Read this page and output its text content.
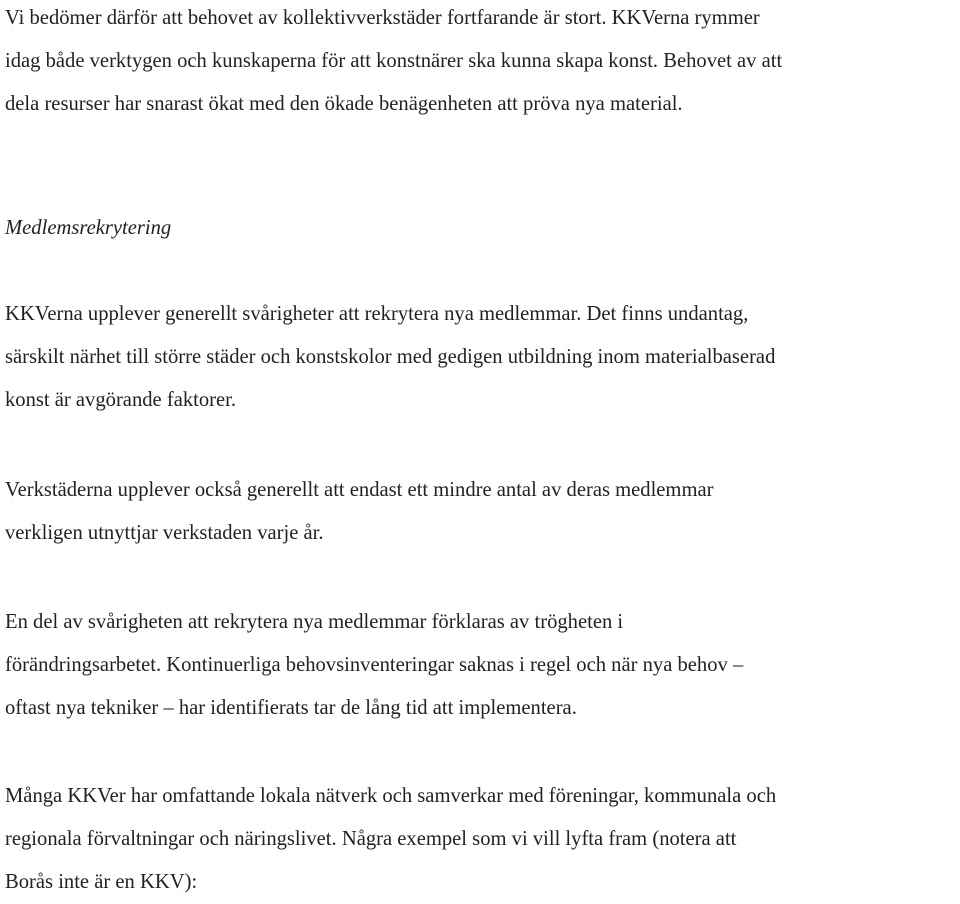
Vi bedömer därför att behovet av kollektivverkstäder fortfarande är stort. KKVerna rymmer
idag både verktygen och kunskaperna för att konstnärer ska kunna skapa konst. Behovet av att
dela resurser har snarast ökat med den ökade benägenheten att pröva nya material.

Medlemsrekrytering

KKVerna upplever generellt svårigheter att rekrytera nya medlemmar. Det finns undantag,
särskilt närhet till större städer och konstskolor med gedigen utbildning inom materialbaserad
konst är avgörande faktorer.

Verkstäderna upplever också generellt att endast ett mindre antal av deras medlemmar
verkligen utnyttjar verkstaden varje år.

En del av svårigheten att rekrytera nya medlemmar förklaras av trögheten i
förändringsarbetet. Kontinuerliga behovsinventeringar saknas i regel och när nya behov –
oftast nya tekniker – har identifierats tar de lång tid att implementera.

Många KKVer har omfattande lokala nätverk och samverkar med föreningar, kommunala och
regionala förvaltningar och näringslivet. Några exempel som vi vill lyfta fram (notera att
Borås inte är en KKV):
